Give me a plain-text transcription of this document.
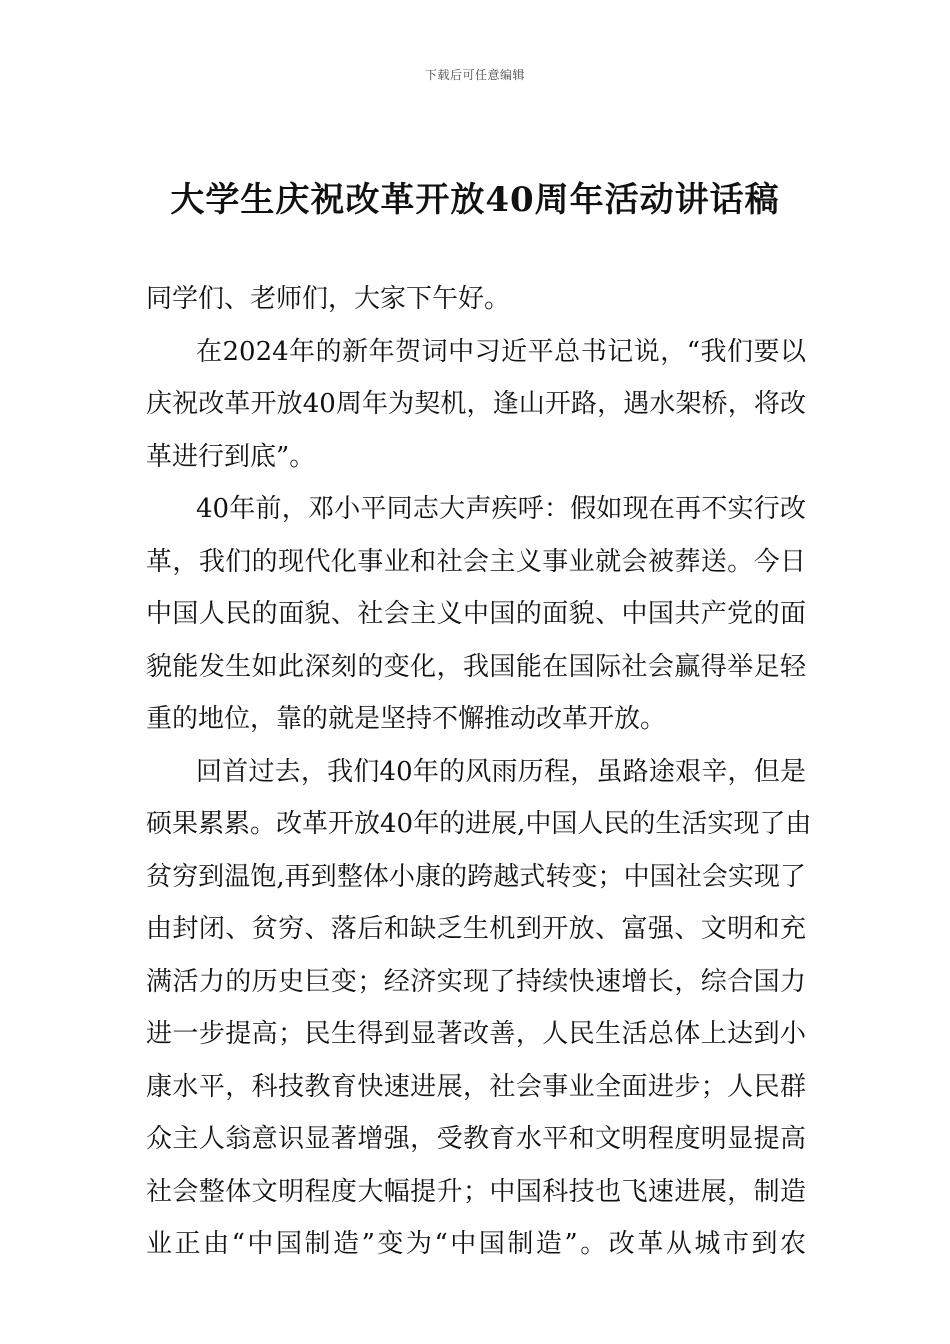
下载后可任意编辑
大学生庆祝改革开放40周年活动讲话稿
同学们、老师们，大家下午好。
在2024年的新年贺词中习近平总书记说，“我们要以
庆祝改革开放40周年为契机，逢山开路，遇水架桥，将改
革进行到底”。
40年前，邓小平同志大声疾呼：假如现在再不实行改
革，我们的现代化事业和社会主义事业就会被葬送。今日
中国人民的面貌、社会主义中国的面貌、中国共产党的面
貌能发生如此深刻的变化，我国能在国际社会赢得举足轻
重的地位，靠的就是坚持不懈推动改革开放。
回首过去，我们40年的风雨历程，虽路途艰辛，但是
硕果累累。改革开放40年的进展,中国人民的生活实现了由
贫穷到温饱,再到整体小康的跨越式转变；中国社会实现了
由封闭、贫穷、落后和缺乏生机到开放、富强、文明和充
满活力的历史巨变；经济实现了持续快速增长，综合国力
进一步提高；民生得到显著改善，人民生活总体上达到小
康水平，科技教育快速进展，社会事业全面进步；人民群
众主人翁意识显著增强，受教育水平和文明程度明显提高
社会整体文明程度大幅提升；中国科技也飞速进展，制造
业正由“中国制造”变为“中国制造”。改革从城市到农
